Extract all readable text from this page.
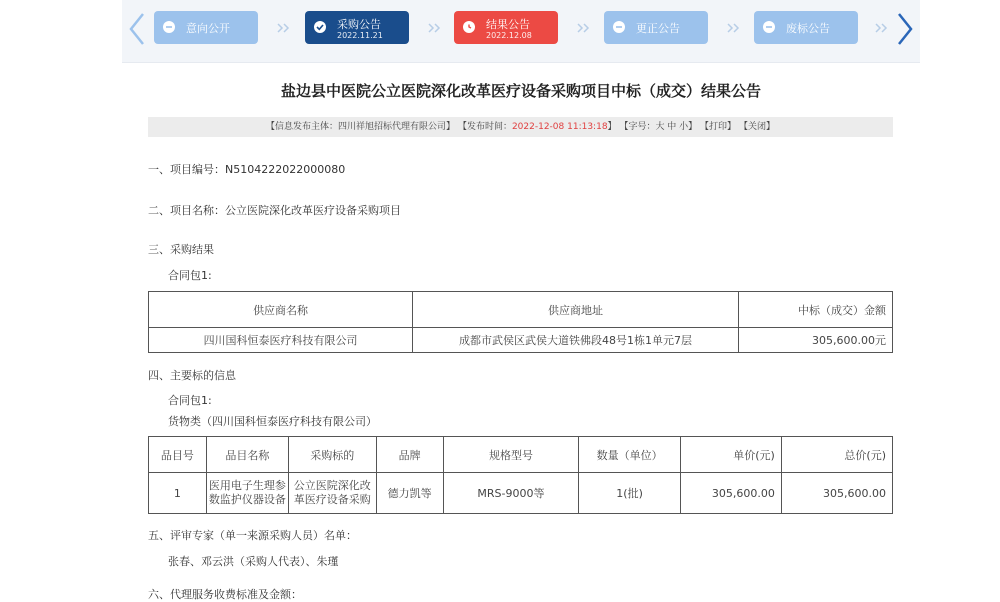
意向公开	采购公告
2022.11.21
结果公告
2022.12.08
更正公告	废标公告
盐边县中医院公立医院深化改革医疗设备采购项目中标（成交）结果公告
【信息发布主体：四川祥旭招标代理有限公司】 【发布时间：2022-12-08 11:13:18】 【字号：大 中 小】 【打印】 【关闭】
一、项目编号：N5104222022000080
二、项目名称：公立医院深化改革医疗设备采购项目
三、采购结果
合同包1:
供应商名称	供应商地址	中标（成交）金额
四川国科恒泰医疗科技有限公司	成都市武侯区武侯大道铁佛段48号1栋1单元7层	305,600.00元
四、主要标的信息
合同包1:
货物类（四川国科恒泰医疗科技有限公司）
品目号	品目名称	采购标的	品牌	规格型号	数量（单位）	单价(元)	总价(元)
1	医用电子生理参数监护仪器设备	公立医院深化改革医疗设备采购	德力凯等	MRS-9000等	1(批)	305,600.00	305,600.00
五、评审专家（单一来源采购人员）名单：
张春、邓云洪（采购人代表）、朱瑾
六、代理服务收费标准及金额：
